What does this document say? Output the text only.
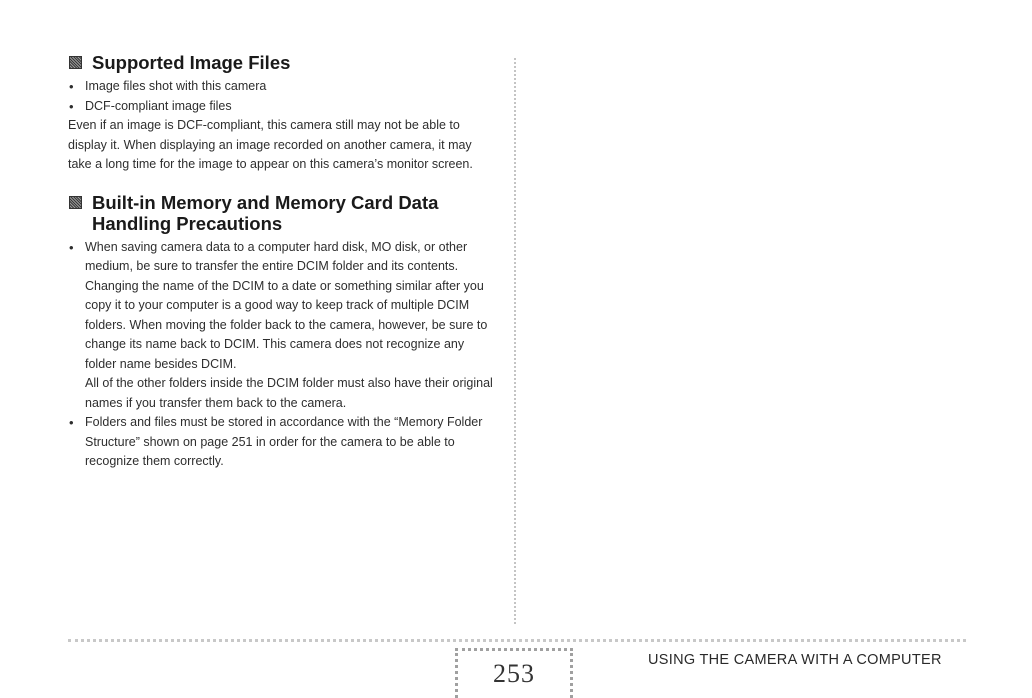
Supported Image Files
• Image files shot with this camera
• DCF-compliant image files

Even if an image is DCF-compliant, this camera still may not be able to display it. When displaying an image recorded on another camera, it may take a long time for the image to appear on this camera’s monitor screen.

Built-in Memory and Memory Card Data
Handling Precautions
• When saving camera data to a computer hard disk, MO disk, or other medium, be sure to transfer the entire DCIM folder and its contents. Changing the name of the DCIM to a date or something similar after you copy it to your computer is a good way to keep track of multiple DCIM folders. When moving the folder back to the camera, however, be sure to change its name back to DCIM. This camera does not recognize any folder name besides DCIM.
All of the other folders inside the DCIM folder must also have their original names if you transfer them back to the camera.
• Folders and files must be stored in accordance with the “Memory Folder Structure” shown on page 251 in order for the camera to be able to recognize them correctly.
253	USING THE CAMERA WITH A COMPUTER
